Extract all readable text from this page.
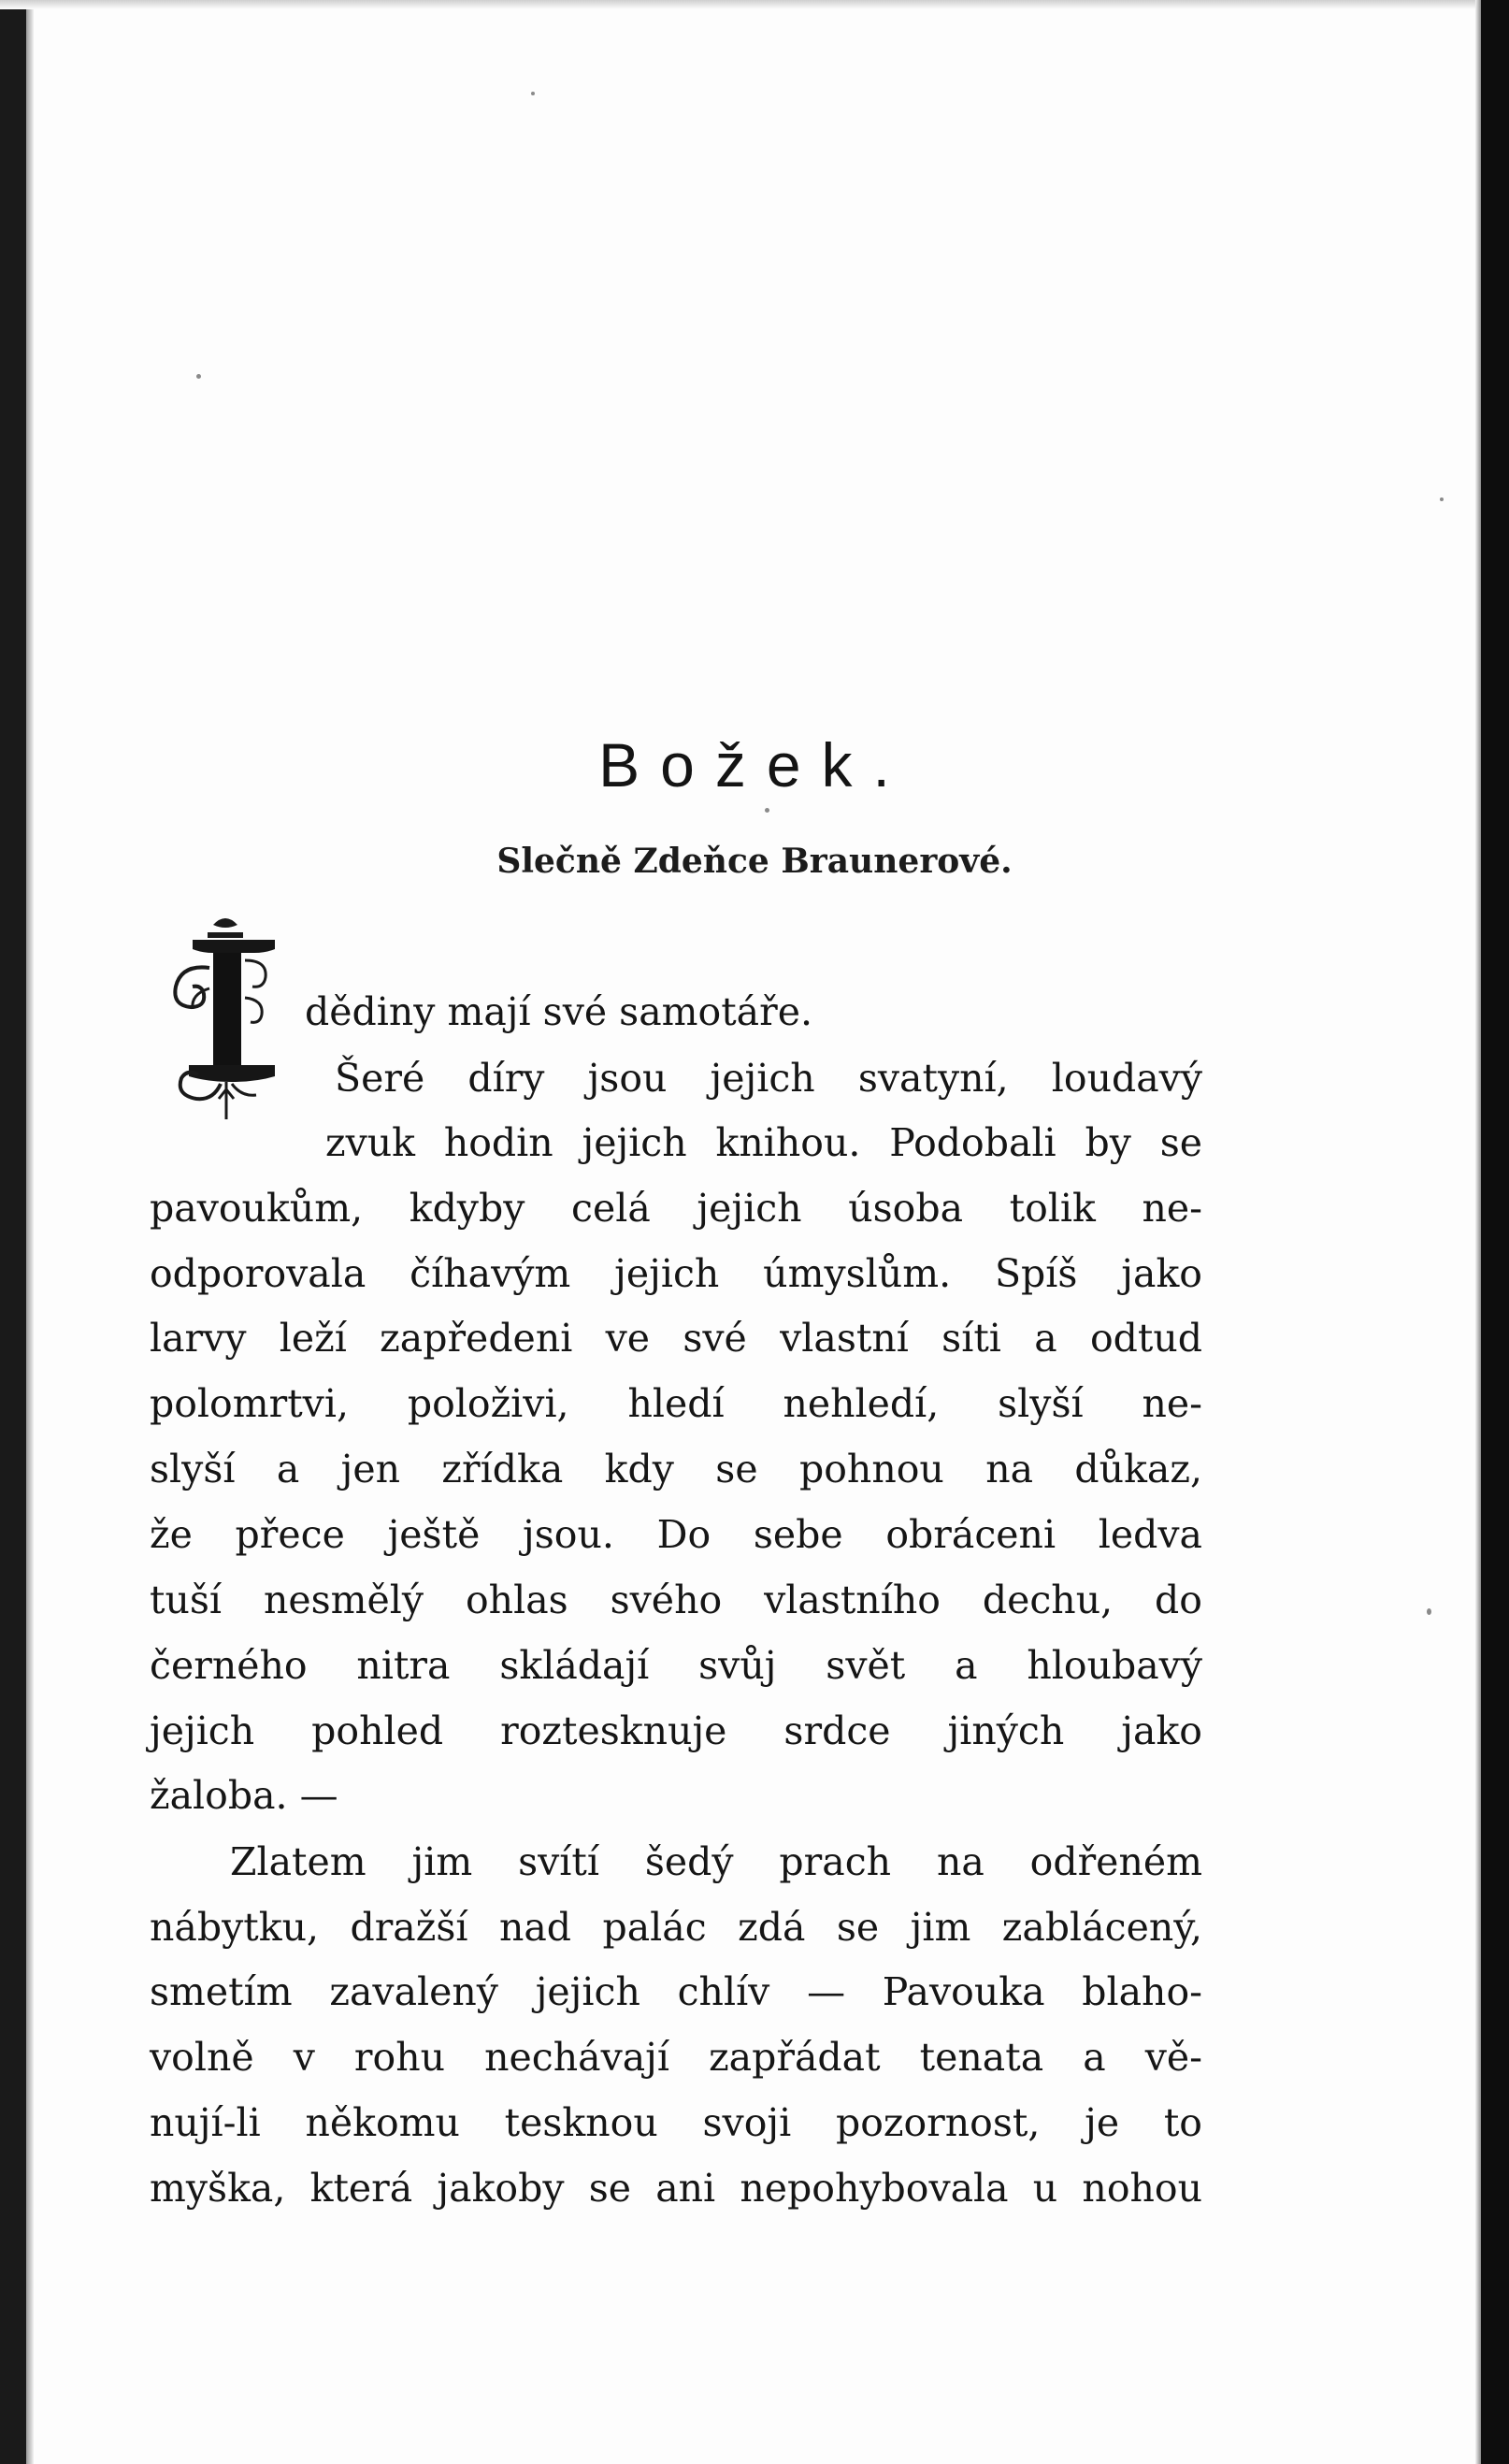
Božek.
Slečně Zdeňce Braunerové.
dědiny mají své samotáře.
Šeré díry jsou jejich svatyní, loudavý
zvuk hodin jejich knihou. Podobali by se
pavoukům, kdyby celá jejich úsoba tolik ne-
odporovala číhavým jejich úmyslům. Spíš jako
larvy leží zapředeni ve své vlastní síti a odtud
polomrtvi, položivi, hledí nehledí, slyší ne-
slyší a jen zřídka kdy se pohnou na důkaz,
že přece ještě jsou. Do sebe obráceni ledva
tuší nesmělý ohlas svého vlastního dechu, do
černého nitra skládají svůj svět a hloubavý
jejich pohled roztesknuje srdce jiných jako
žaloba. —
Zlatem jim svítí šedý prach na odřeném
nábytku, dražší nad palác zdá se jim zablácený,
smetím zavalený jejich chlív — Pavouka blaho-
volně v rohu nechávají zapřádat tenata a vě-
nují-li někomu tesknou svoji pozornost, je to
myška, která jakoby se ani nepohybovala u nohou
